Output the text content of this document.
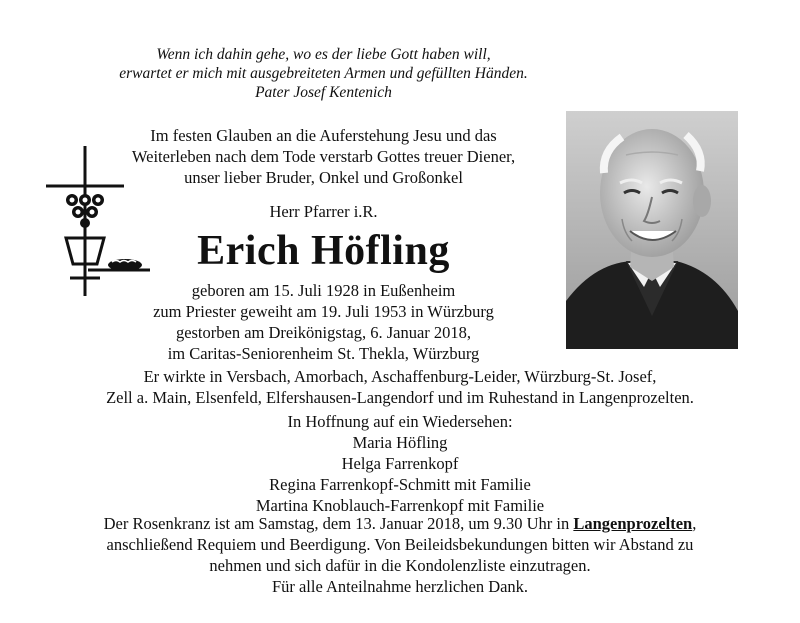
Wenn ich dahin gehe, wo es der liebe Gott haben will,
erwartet er mich mit ausgebreiteten Armen und gefüllten Händen.
Pater Josef Kentenich
Im festen Glauben an die Auferstehung Jesu und das
Weiterleben nach dem Tode verstarb Gottes treuer Diener,
unser lieber Bruder, Onkel und Großonkel
Herr Pfarrer i.R.
Erich Höfling
geboren am 15. Juli 1928 in Eußenheim
zum Priester geweiht am 19. Juli 1953 in Würzburg
gestorben am Dreikönigstag, 6. Januar 2018,
im Caritas-Seniorenheim St. Thekla, Würzburg
Er wirkte in Versbach, Amorbach, Aschaffenburg-Leider, Würzburg-St. Josef,
Zell a. Main, Elsenfeld, Elfershausen-Langendorf und im Ruhestand in Langenprozelten.
In Hoffnung auf ein Wiedersehen:
Maria Höfling
Helga Farrenkopf
Regina Farrenkopf-Schmitt mit Familie
Martina Knoblauch-Farrenkopf mit Familie
Der Rosenkranz ist am Samstag, dem 13. Januar 2018, um 9.30 Uhr in Langenprozelten,
anschließend Requiem und Beerdigung. Von Beileidsbekundungen bitten wir Abstand zu
nehmen und sich dafür in die Kondolenzliste einzutragen.
Für alle Anteilnahme herzlichen Dank.
